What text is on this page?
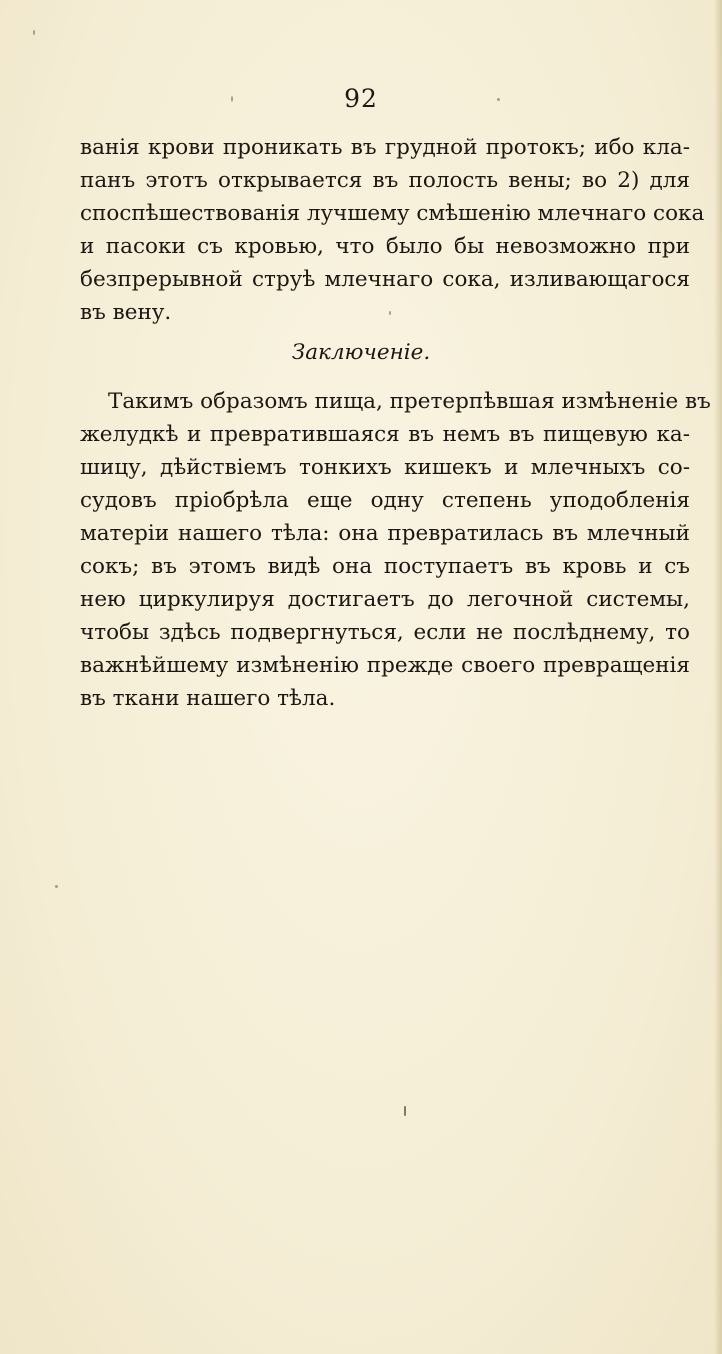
92
ванія крови проникать въ грудной протокъ; ибо кла-
панъ этотъ открывается въ полость вены; во 2) для
споспѣшествованія лучшему смѣшенію млечнаго сока
и пасоки съ кровью, что было бы невозможно при
безпрерывной струѣ млечнаго сока, изливающагося
въ вену.
Заключеніе.
Такимъ образомъ пища, претерпѣвшая измѣненіе въ
желудкѣ и превратившаяся въ немъ въ пищевую ка-
шицу, дѣйствіемъ тонкихъ кишекъ и млечныхъ со-
судовъ пріобрѣла еще одну степень уподобленія
матеріи нашего тѣла: она превратилась въ млечный
сокъ; въ этомъ видѣ она поступаетъ въ кровь и съ
нею циркулируя достигаетъ до легочной системы,
чтобы здѣсь подвергнуться, если не послѣднему, то
важнѣйшему измѣненію прежде своего превращенія
въ ткани нашего тѣла.
